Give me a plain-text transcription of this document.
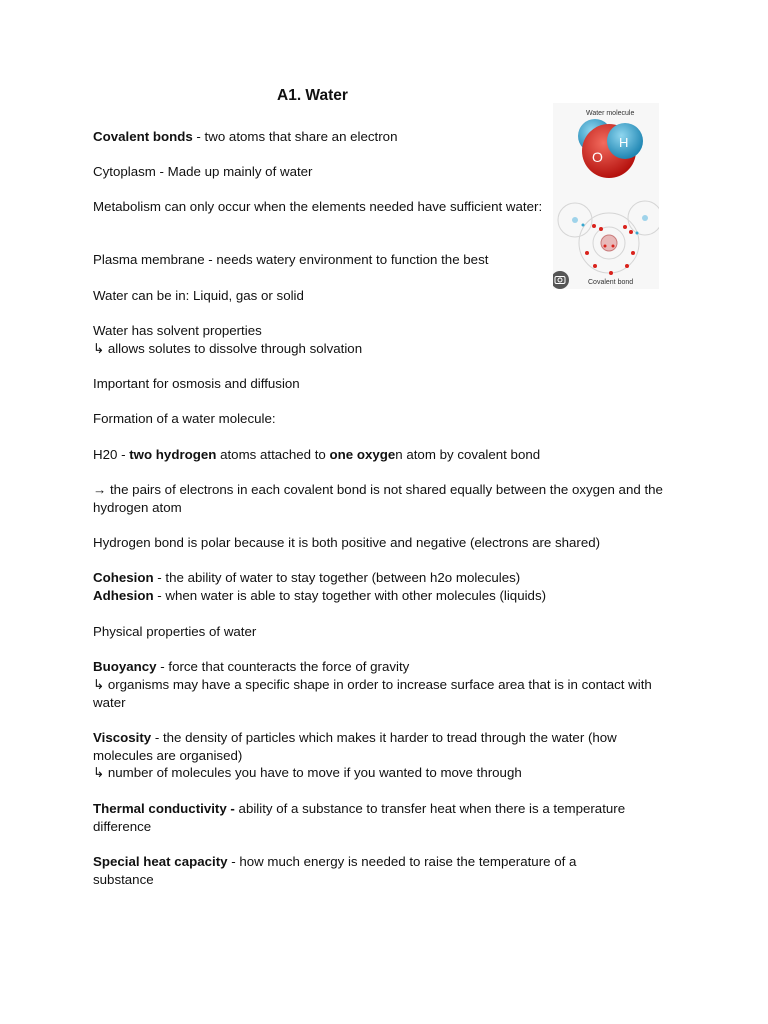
A1. Water

Covalent bonds - two atoms that share an electron

Cytoplasm - Made up mainly of water

Metabolism can only occur when the elements needed have sufficient water:

Plasma membrane - needs watery environment to function the best

Water can be in: Liquid, gas or solid

Water has solvent properties

↳ allows solutes to dissolve through solvation

Important for osmosis and diffusion

Formation of a water molecule:

H20 - two hydrogen atoms attached to one oxygen atom by covalent bond

→ the pairs of electrons in each covalent bond is not shared equally between the oxygen and the hydrogen atom

Hydrogen bond is polar because it is both positive and negative (electrons are shared)

Cohesion - the ability of water to stay together (between h2o molecules)

Adhesion - when water is able to stay together with other molecules (liquids)

Physical properties of water

Buoyancy - force that counteracts the force of gravity

↳ organisms may have a specific shape in order to increase surface area that is in contact with water

Viscosity - the density of particles which makes it harder to tread through the water (how molecules are organised)

↳ number of molecules you have to move if you wanted to move through

Thermal conductivity - ability of a substance to transfer heat when there is a temperature difference

Special heat capacity - how much energy is needed to raise the temperature of a substance

Water molecule
O
H
Covalent bond
